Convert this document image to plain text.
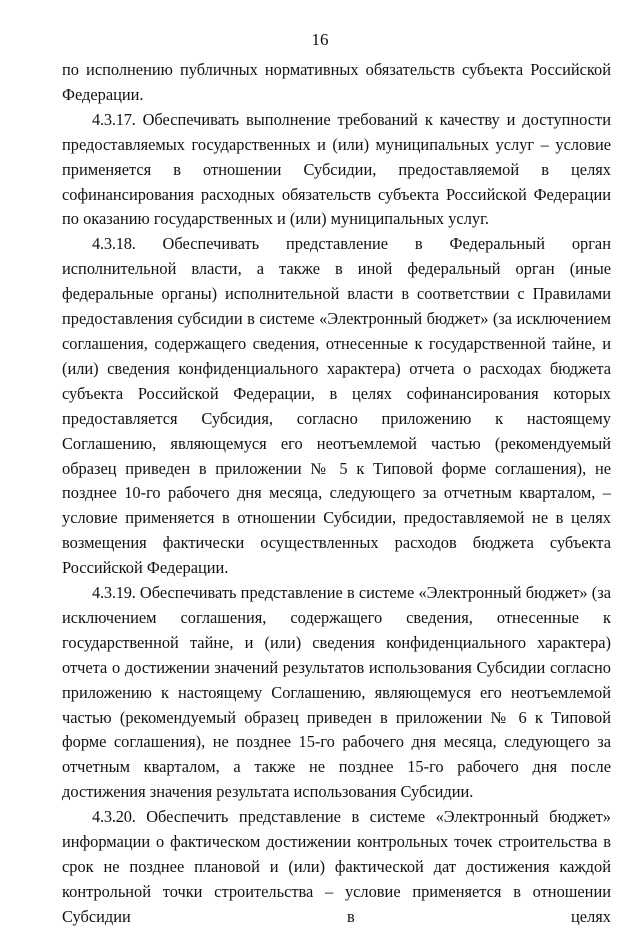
16

по исполнению публичных нормативных обязательств субъекта Российской Федерации.

4.3.17. Обеспечивать выполнение требований к качеству и доступности предоставляемых государственных и (или) муниципальных услуг – условие применяется в отношении Субсидии, предоставляемой в целях софинансирования расходных обязательств субъекта Российской Федерации по оказанию государственных и (или) муниципальных услуг.

4.3.18. Обеспечивать представление в Федеральный орган исполнительной власти, а также в иной федеральный орган (иные федеральные органы) исполнительной власти в соответствии с Правилами предоставления субсидии в системе «Электронный бюджет» (за исключением соглашения, содержащего сведения, отнесенные к государственной тайне, и (или) сведения конфиденциального характера) отчета о расходах бюджета субъекта Российской Федерации, в целях софинансирования которых предоставляется Субсидия, согласно приложению к настоящему Соглашению, являющемуся его неотъемлемой частью (рекомендуемый образец приведен в приложении № 5 к Типовой форме соглашения), не позднее 10-го рабочего дня месяца, следующего за отчетным кварталом, – условие применяется в отношении Субсидии, предоставляемой не в целях возмещения фактически осуществленных расходов бюджета субъекта Российской Федерации.

4.3.19. Обеспечивать представление в системе «Электронный бюджет» (за исключением соглашения, содержащего сведения, отнесенные к государственной тайне, и (или) сведения конфиденциального характера) отчета о достижении значений результатов использования Субсидии согласно приложению к настоящему Соглашению, являющемуся его неотъемлемой частью (рекомендуемый образец приведен в приложении № 6 к Типовой форме соглашения), не позднее 15-го рабочего дня месяца, следующего за отчетным кварталом, а также не позднее 15-го рабочего дня после достижения значения результата использования Субсидии.

4.3.20. Обеспечить представление в системе «Электронный бюджет» информации о фактическом достижении контрольных точек строительства в срок не позднее плановой и (или) фактической дат достижения каждой контрольной точки строительства – условие применяется в отношении Субсидии в целях
